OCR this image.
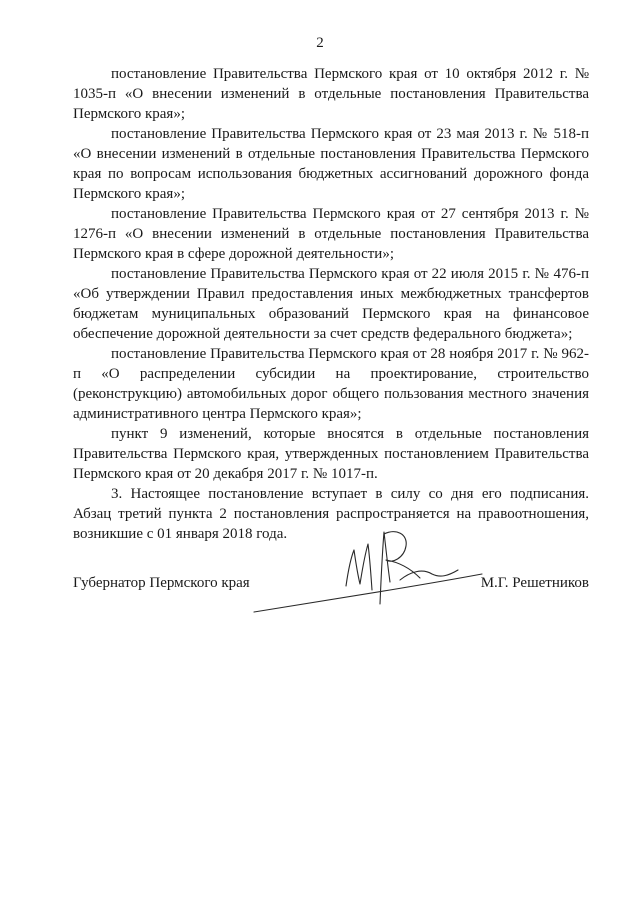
2

постановление Правительства Пермского края от 10 октября 2012 г. № 1035-п «О внесении изменений в отдельные постановления Правительства Пермского края»;

постановление Правительства Пермского края от 23 мая 2013 г. № 518-п «О внесении изменений в отдельные постановления Правительства Пермского края по вопросам использования бюджетных ассигнований дорожного фонда Пермского края»;

постановление Правительства Пермского края от 27 сентября 2013 г. № 1276-п «О внесении изменений в отдельные постановления Правительства Пермского края в сфере дорожной деятельности»;

постановление Правительства Пермского края от 22 июля 2015 г. № 476-п «Об утверждении Правил предоставления иных межбюджетных трансфертов бюджетам муниципальных образований Пермского края на финансовое обеспечение дорожной деятельности за счет средств федерального бюджета»;

постановление Правительства Пермского края от 28 ноября 2017 г. № 962-п «О распределении субсидии на проектирование, строительство (реконструкцию) автомобильных дорог общего пользования местного значения административного центра Пермского края»;

пункт 9 изменений, которые вносятся в отдельные постановления Правительства Пермского края, утвержденных постановлением Правительства Пермского края от 20 декабря 2017 г. № 1017-п.

3. Настоящее постановление вступает в силу со дня его подписания. Абзац третий пункта 2 постановления распространяется на правоотношения, возникшие с 01 января 2018 года.

Губернатор Пермского края	М.Г. Решетников
